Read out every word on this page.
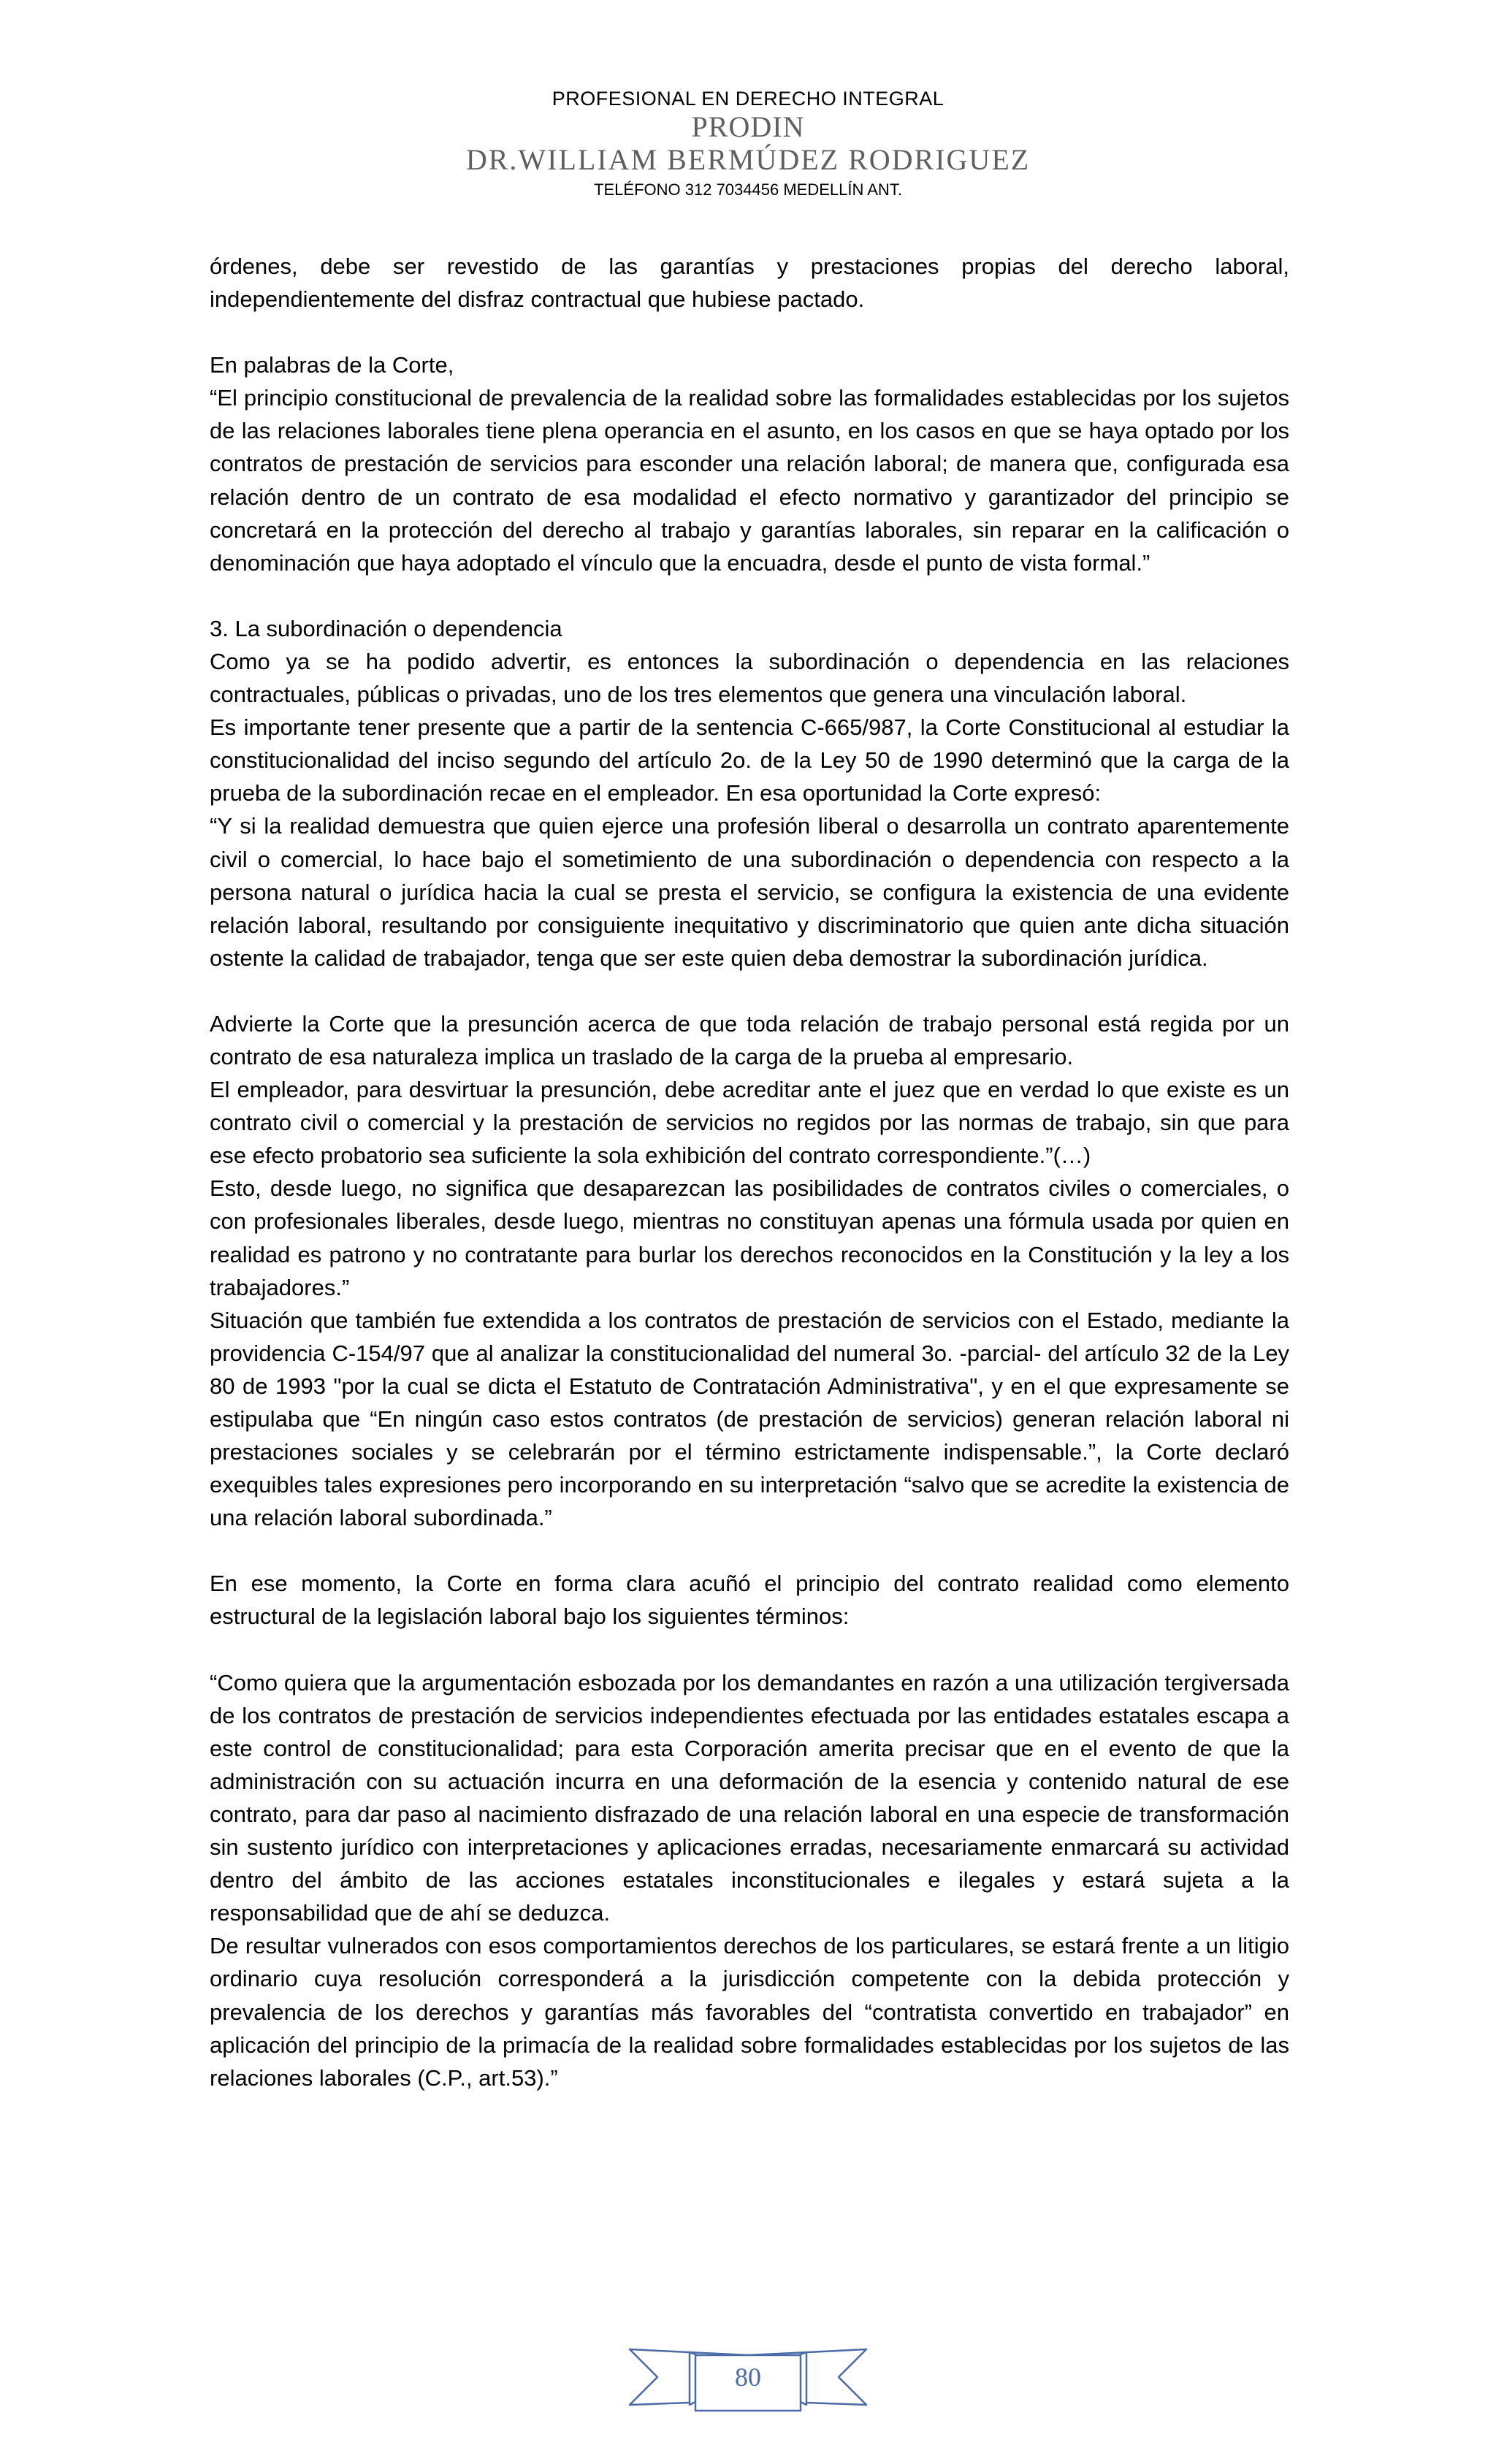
PROFESIONAL EN DERECHO INTEGRAL
PRODIN
DR.WILLIAM BERMÚDEZ RODRIGUEZ
TELÉFONO 312 7034456 MEDELLÍN ANT.

órdenes, debe ser revestido de las garantías y prestaciones propias del derecho laboral, independientemente del disfraz contractual que hubiese pactado.

En palabras de la Corte,

“El principio constitucional de prevalencia de la realidad sobre las formalidades establecidas por los sujetos de las relaciones laborales tiene plena operancia en el asunto, en los casos en que se haya optado por los contratos de prestación de servicios para esconder una relación laboral; de manera que, configurada esa relación dentro de un contrato de esa modalidad el efecto normativo y garantizador del principio se concretará en la protección del derecho al trabajo y garantías laborales, sin reparar en la calificación o denominación que haya adoptado el vínculo que la encuadra, desde el punto de vista formal.”

3. La subordinación o dependencia

Como ya se ha podido advertir, es entonces la subordinación o dependencia en las relaciones contractuales, públicas o privadas, uno de los tres elementos que genera una vinculación laboral.

Es importante tener presente que a partir de la sentencia C-665/987, la Corte Constitucional al estudiar la constitucionalidad del inciso segundo del artículo 2o. de la Ley 50 de 1990 determinó que la carga de la prueba de la subordinación recae en el empleador. En esa oportunidad la Corte expresó:

“Y si la realidad demuestra que quien ejerce una profesión liberal o desarrolla un contrato aparentemente civil o comercial, lo hace bajo el sometimiento de una subordinación o dependencia con respecto a la persona natural o jurídica hacia la cual se presta el servicio, se configura la existencia de una evidente relación laboral, resultando por consiguiente inequitativo y discriminatorio que quien ante dicha situación ostente la calidad de trabajador, tenga que ser este quien deba demostrar la subordinación jurídica.

Advierte la Corte que la presunción acerca de que toda relación de trabajo personal está regida por un contrato de esa naturaleza implica un traslado de la carga de la prueba al empresario.

El empleador, para desvirtuar la presunción, debe acreditar ante el juez que en verdad lo que existe es un contrato civil o comercial y la prestación de servicios no regidos por las normas de trabajo, sin que para ese efecto probatorio sea suficiente la sola exhibición del contrato correspondiente.”(…)

Esto, desde luego, no significa que desaparezcan las posibilidades de contratos civiles o comerciales, o con profesionales liberales, desde luego, mientras no constituyan apenas una fórmula usada por quien en realidad es patrono y no contratante para burlar los derechos reconocidos en la Constitución y la ley a los trabajadores.”

Situación que también fue extendida a los contratos de prestación de servicios con el Estado, mediante la providencia C-154/97 que al analizar la constitucionalidad del numeral 3o. -parcial- del artículo 32 de la Ley 80 de 1993 "por la cual se dicta el Estatuto de Contratación Administrativa", y en el que expresamente se estipulaba que “En ningún caso estos contratos (de prestación de servicios) generan relación laboral ni prestaciones sociales y se celebrarán por el término estrictamente indispensable.”, la Corte declaró exequibles tales expresiones pero incorporando en su interpretación “salvo que se acredite la existencia de una relación laboral subordinada.”

En ese momento, la Corte en forma clara acuñó el principio del contrato realidad como elemento estructural de la legislación laboral bajo los siguientes términos:

“Como quiera que la argumentación esbozada por los demandantes en razón a una utilización tergiversada de los contratos de prestación de servicios independientes efectuada por las entidades estatales escapa a este control de constitucionalidad; para esta Corporación amerita precisar que en el evento de que la administración con su actuación incurra en una deformación de la esencia y contenido natural de ese contrato, para dar paso al nacimiento disfrazado de una relación laboral en una especie de transformación sin sustento jurídico con interpretaciones y aplicaciones erradas, necesariamente enmarcará su actividad dentro del ámbito de las acciones estatales inconstitucionales e ilegales y estará sujeta a la responsabilidad que de ahí se deduzca.

De resultar vulnerados con esos comportamientos derechos de los particulares, se estará frente a un litigio ordinario cuya resolución corresponderá a la jurisdicción competente con la debida protección y prevalencia de los derechos y garantías más favorables del “contratista convertido en trabajador” en aplicación del principio de la primacía de la realidad sobre formalidades establecidas por los sujetos de las relaciones laborales (C.P., art.53).”

80
